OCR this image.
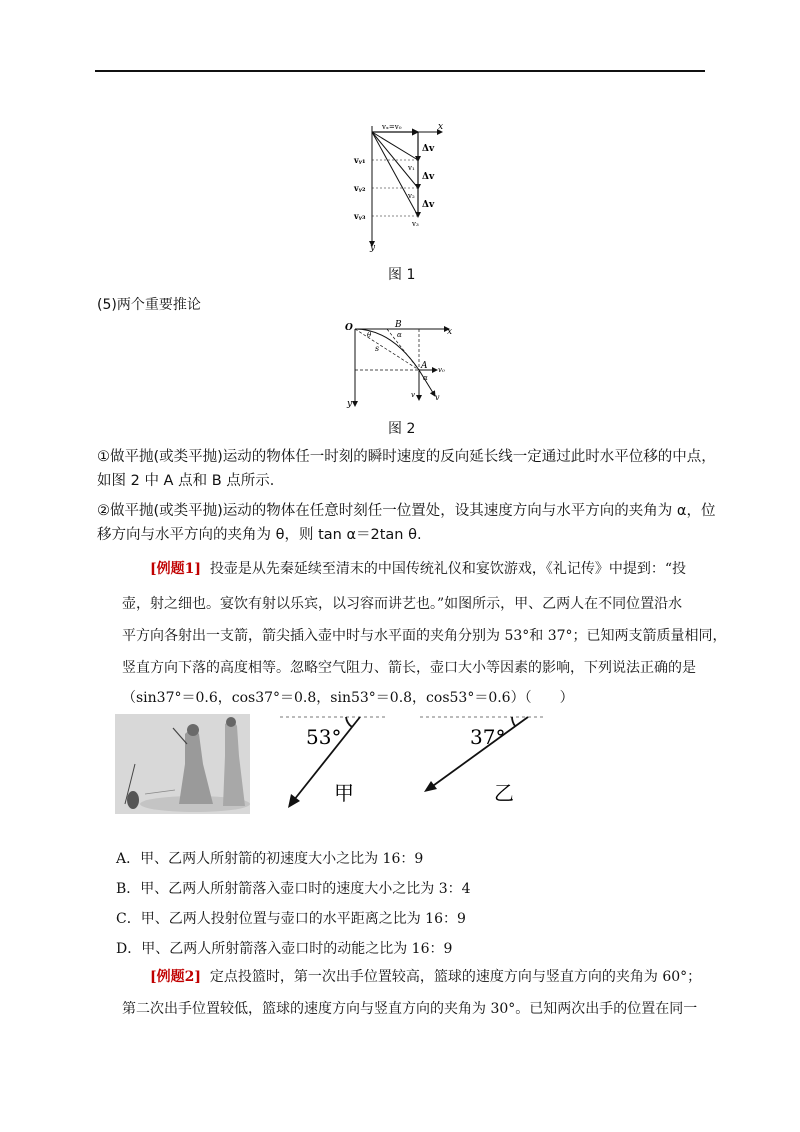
vₓ=v₀	x
y
vᵧ₁
vᵧ₂
vᵧ₃
Δv
Δv
Δv
v₁
v₂
v₃
图 1
(5)两个重要推论
O	B
x
y
A
θ	α
s
v₀
v	v
α
图 2
①做平抛(或类平抛)运动的物体任一时刻的瞬时速度的反向延长线一定通过此时水平位移的中点，
如图 2 中 A 点和 B 点所示．
②做平抛(或类平抛)运动的物体在任意时刻任一位置处，设其速度方向与水平方向的夹角为 α，位
移方向与水平方向的夹角为 θ，则 tan α＝2tan θ.
[例题1] 投壶是从先秦延续至清末的中国传统礼仪和宴饮游戏，《礼记传》中提到：“投
壶，射之细也。宴饮有射以乐宾，以习容而讲艺也。”如图所示，甲、乙两人在不同位置沿水
平方向各射出一支箭，箭尖插入壶中时与水平面的夹角分别为 53°和 37°；已知两支箭质量相同，
竖直方向下落的高度相等。忽略空气阻力、箭长，壶口大小等因素的影响，下列说法正确的是
（sin37°＝0.6，cos37°＝0.8，sin53°＝0.8，cos53°＝0.6）（　　）
53°
甲
37°
乙
A．甲、乙两人所射箭的初速度大小之比为 16：9
B．甲、乙两人所射箭落入壶口时的速度大小之比为 3：4
C．甲、乙两人投射位置与壶口的水平距离之比为 16：9
D．甲、乙两人所射箭落入壶口时的动能之比为 16：9
[例题2] 定点投篮时，第一次出手位置较高，篮球的速度方向与竖直方向的夹角为 60°；
第二次出手位置较低，篮球的速度方向与竖直方向的夹角为 30°。已知两次出手的位置在同一
